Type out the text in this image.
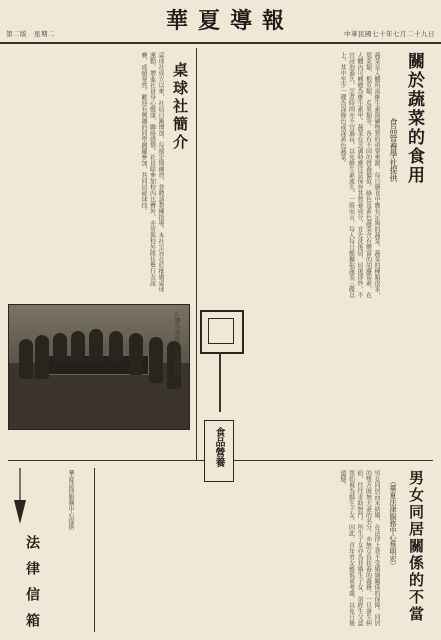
第二版　星期二	華夏導報	中華民國七十年七月二十九日
關於蔬菜的食用
食品營養學社提供
蔬菜是人體所需維生素與礦物質的重要來源，每日膳食中應有足夠的蔬菜。蔬菜的種類很多，葉菜類、根莖類、瓜果類等，各有不同的營養價值。綠色及黃色蔬菜含有豐富的胡蘿蔔素，在人體內可轉變為維生素甲。蔬菜在烹調時應注意保存其營養成分，宜先洗後切，切後即炒，不宜浸泡過久，烹煮時間亦不宜過長，以免維生素流失。一般而言，每人每日應攝取蔬菜三碟以上，其中至少一碟為深綠色或深黃色蔬菜。
桌球社簡介
桌球社成立以來，社員日漸增加，每週定期練習，並聘請教練指導。本社宗旨在於推廣桌球運動，增進社員身心健康，聯絡感情。社員除參加校內比賽外，亦常與校外隊伍舉行友誼賽，成績斐然。歡迎有興趣的同學踴躍參加，共同切磋球技。
△圖為本社社員練習情形。（本社提供）
食品營養
男女同居關係的不當
（華夏法律服務中心蔡明宏）
男女同居而未結婚，在法律上並不受婚姻關係的保障。同居的雙方既無夫妻的名分，亦無互負扶養的義務，一旦發生糾紛，往往求助無門。所生子女亦為非婚生子女，須經生父認領始視為婚生子女。因此，青年男女應慎重考慮，以免日後遺憾。
法律信箱
華夏法律服務中心提供
